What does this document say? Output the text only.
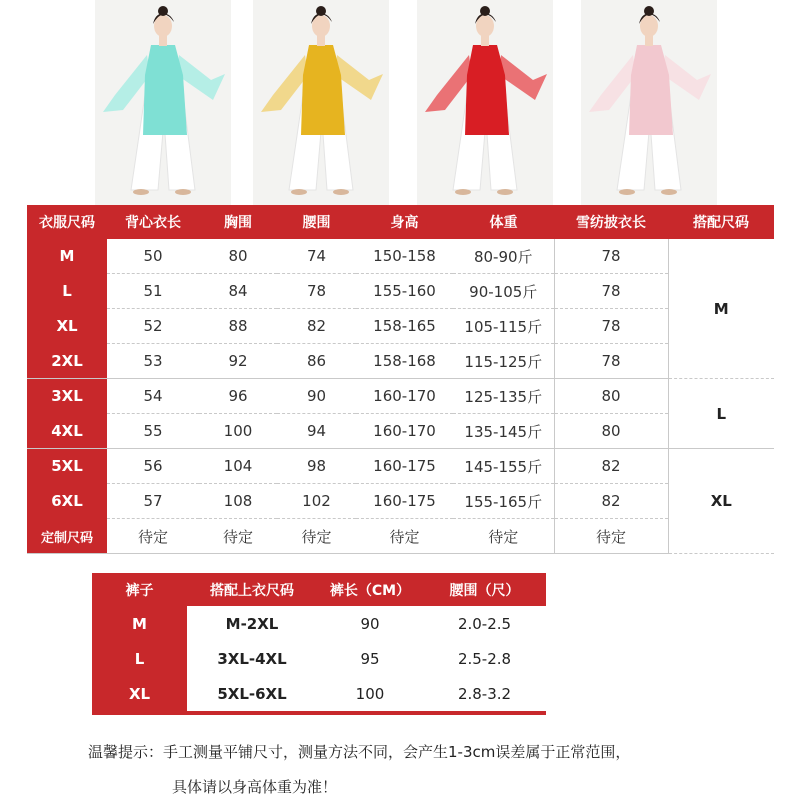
衣服尺码	背心衣长	胸围	腰围	身高	体重	雪纺披衣长	搭配尺码
M	50	80	74	150-158	80-90斤	78	M
L	51	84	78	155-160	90-105斤	78	
XL	52	88	82	158-165	105-115斤	78	
2XL	53	92	86	158-168	115-125斤	78	
3XL	54	96	90	160-170	125-135斤	80	L
4XL	55	100	94	160-170	135-145斤	80	
5XL	56	104	98	160-175	145-155斤	82	XL
6XL	57	108	102	160-175	155-165斤	82	
定制尺码	待定	待定	待定	待定	待定	待定	
裤子	搭配上衣尺码	裤长（CM）	腰围（尺）
M	M-2XL	90	2.0-2.5
L	3XL-4XL	95	2.5-2.8
XL	5XL-6XL	100	2.8-3.2

温馨提示：手工测量平铺尺寸，测量方法不同，会产生1-3cm误差属于正常范围，
具体请以身高体重为准！
